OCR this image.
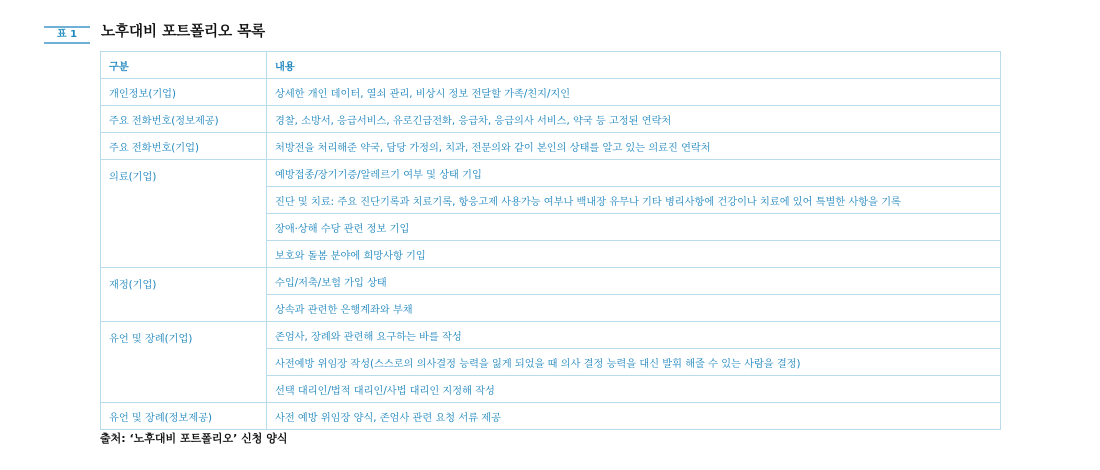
표 1	노후대비 포트폴리오 목록
구분	내용
개인정보(기업)	상세한 개인 데이터, 열쇠 관리, 비상시 정보 전달할 가족/친지/지인
주요 전화번호(정보제공)	경찰, 소방서, 응급서비스, 유로긴급전화, 응급차, 응급의사 서비스, 약국 등 고정된 연락처
주요 전화번호(기업)	처방전을 처리해준 약국, 담당 가정의, 치과, 전문의와 같이 본인의 상태를 알고 있는 의료진 연락처
의료(기업)	예방접종/장기기증/알레르기 여부 및 상태 기입
	진단 및 치료: 주요 진단기록과 치료기록, 항응고제 사용가능 여부나 백내장 유무나 기타 병리사항에 건강이나 치료에 있어 특별한 사항을 기록
	장애·상해 수당 관련 정보 기입
	보호와 돌봄 분야에 희망사항 기입
재정(기업)	수입/저축/보험 가입 상태
	상속과 관련한 은행계좌와 부채
유언 및 장례(기업)	존엄사, 장례와 관련해 요구하는 바를 작성
	사전예방 위임장 작성(스스로의 의사결정 능력을 잃게 되었을 때 의사 결정 능력을 대신 발휘 해줄 수 있는 사람을 결정)
	선택 대리인/법적 대리인/사법 대리인 지정해 작성
유언 및 장례(정보제공)	사전 예방 위임장 양식, 존엄사 관련 요청 서류 제공
출처: ‘노후대비 포트폴리오’ 신청 양식
